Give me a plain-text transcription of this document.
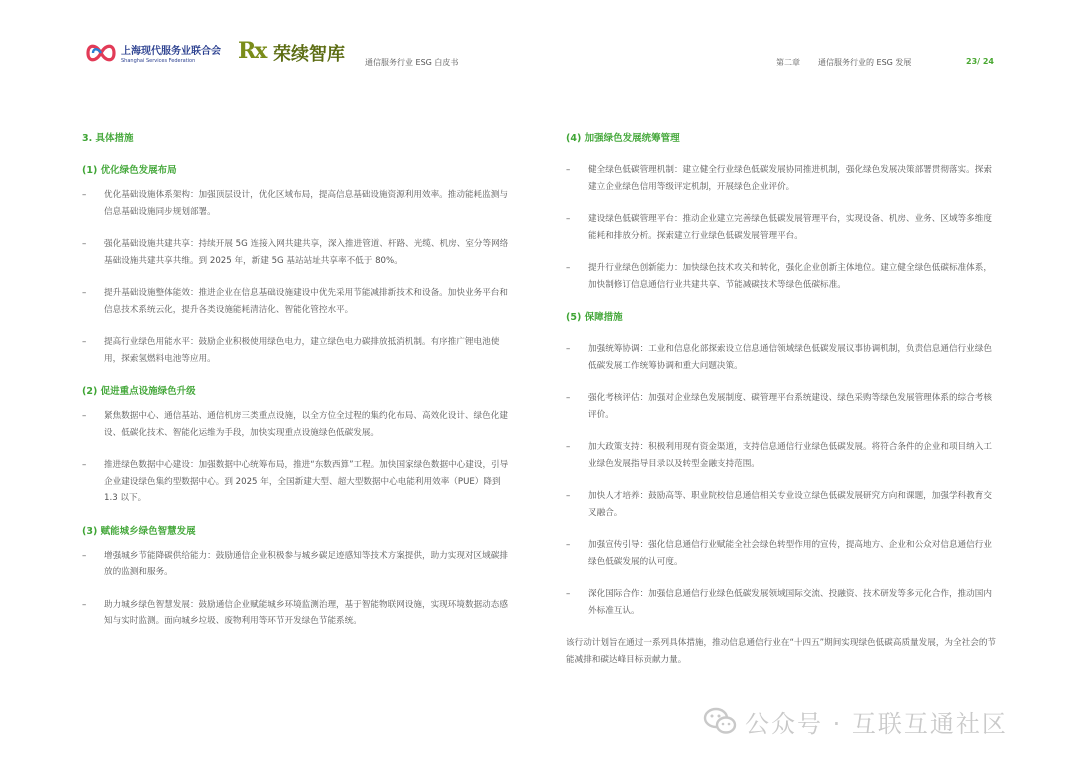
上海现代服务业联合会
Shanghai Services Federation	Rx 荣续智库	通信服务行业 ESG 白皮书	第二章 通信服务行业的 ESG 发展	23/ 24
3. 具体措施
(1) 优化绿色发展布局
– 优化基础设施体系架构：加强顶层设计，优化区域布局，提高信息基础设施资源利用效率。推动能耗监测与信息基础设施同步规划部署。
– 强化基础设施共建共享：持续开展 5G 连接入网共建共享，深入推进管道、杆路、光缆、机房、室分等网络基础设施共建共享共维。到 2025 年，新建 5G 基站站址共享率不低于 80%。
– 提升基础设施整体能效：推进企业在信息基础设施建设中优先采用节能减排新技术和设备。加快业务平台和信息技术系统云化，提升各类设施能耗清洁化、智能化管控水平。
– 提高行业绿色用能水平：鼓励企业积极使用绿色电力，建立绿色电力碳排放抵消机制。有序推广锂电池使用，探索氢燃料电池等应用。
(2) 促进重点设施绿色升级
– 紧焦数据中心、通信基站、通信机房三类重点设施，以全方位全过程的集约化布局、高效化设计、绿色化建设、低碳化技术、智能化运维为手段，加快实现重点设施绿色低碳发展。
– 推进绿色数据中心建设：加强数据中心统筹布局，推进“东数西算”工程。加快国家绿色数据中心建设，引导企业建设绿色集约型数据中心。到 2025 年，全国新建大型、超大型数据中心电能利用效率（PUE）降到 1.3 以下。
(3) 赋能城乡绿色智慧发展
– 增强城乡节能降碳供给能力：鼓励通信企业积极参与城乡碳足迹感知等技术方案提供，助力实现对区域碳排放的监测和服务。
– 助力城乡绿色智慧发展：鼓励通信企业赋能城乡环境监测治理，基于智能物联网设施，实现环境数据动态感知与实时监测。面向城乡垃圾、废物利用等环节开发绿色节能系统。
(4) 加强绿色发展统筹管理
– 健全绿色低碳管理机制：建立健全行业绿色低碳发展协同推进机制，强化绿色发展决策部署贯彻落实。探索建立企业绿色信用等级评定机制，开展绿色企业评价。
– 建设绿色低碳管理平台：推动企业建立完善绿色低碳发展管理平台，实现设备、机房、业务、区域等多维度能耗和排放分析。探索建立行业绿色低碳发展管理平台。
– 提升行业绿色创新能力：加快绿色技术攻关和转化，强化企业创新主体地位。建立健全绿色低碳标准体系，加快制修订信息通信行业共建共享、节能减碳技术等绿色低碳标准。
(5) 保障措施
– 加强统筹协调：工业和信息化部探索设立信息通信领域绿色低碳发展议事协调机制，负责信息通信行业绿色低碳发展工作统筹协调和重大问题决策。
– 强化考核评估：加强对企业绿色发展制度、碳管理平台系统建设、绿色采购等绿色发展管理体系的综合考核评价。
– 加大政策支持：积极利用现有资金渠道，支持信息通信行业绿色低碳发展。将符合条件的企业和项目纳入工业绿色发展指导目录以及转型金融支持范围。
– 加快人才培养：鼓励高等、职业院校信息通信相关专业设立绿色低碳发展研究方向和课题，加强学科教育交叉融合。
– 加强宣传引导：强化信息通信行业赋能全社会绿色转型作用的宣传，提高地方、企业和公众对信息通信行业绿色低碳发展的认可度。
– 深化国际合作：加强信息通信行业绿色低碳发展领域国际交流、投融资、技术研发等多元化合作，推动国内外标准互认。
该行动计划旨在通过一系列具体措施，推动信息通信行业在“十四五”期间实现绿色低碳高质量发展，为全社会的节能减排和碳达峰目标贡献力量。
公众号 · 互联互通社区
